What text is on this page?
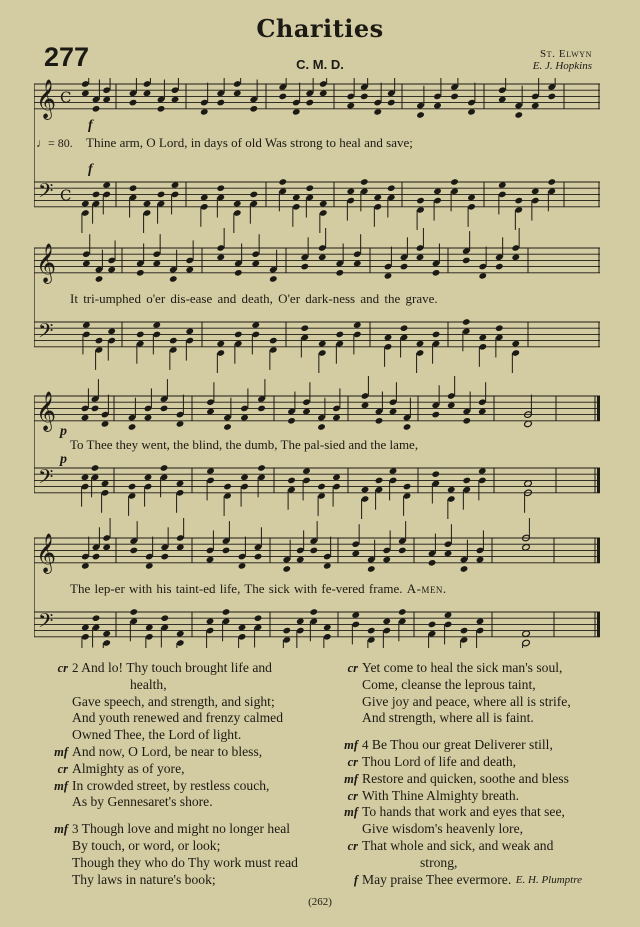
Charities
277	C. M. D.
St. Elwyn
E. J. Hopkins
𝄞 C
𝄢 C
𝄞
𝄢
𝄞
𝄢
𝄞
𝄢
♩= 80.
f
f
p
p
Thine arm, O Lord, in days of old Was strong to heal and save;
It tri-umphed o'er dis-ease and death, O'er dark-ness and the grave.
To Thee they went, the blind, the dumb, The pal-sied and the lame,
The lep-er with his taint-ed life, The sick with fe-vered frame. A-men.
cr 2 And lo! Thy touch brought life and
health,
Gave speech, and strength, and sight;
And youth renewed and frenzy calmed
Owned Thee, the Lord of light.
mf And now, O Lord, be near to bless,
cr Almighty as of yore,
mf In crowded street, by restless couch,
As by Gennesaret's shore.
mf 3 Though love and might no longer heal
By touch, or word, or look;
Though they who do Thy work must read
Thy laws in nature's book;
cr Yet come to heal the sick man's soul,
Come, cleanse the leprous taint,
Give joy and peace, where all is strife,
And strength, where all is faint.
mf 4 Be Thou our great Deliverer still,
cr Thou Lord of life and death,
mf Restore and quicken, soothe and bless
cr With Thine Almighty breath.
mf To hands that work and eyes that see,
Give wisdom's heavenly lore,
cr That whole and sick, and weak and
strong,
f May praise Thee evermore. E. H. Plumptre
(262)
